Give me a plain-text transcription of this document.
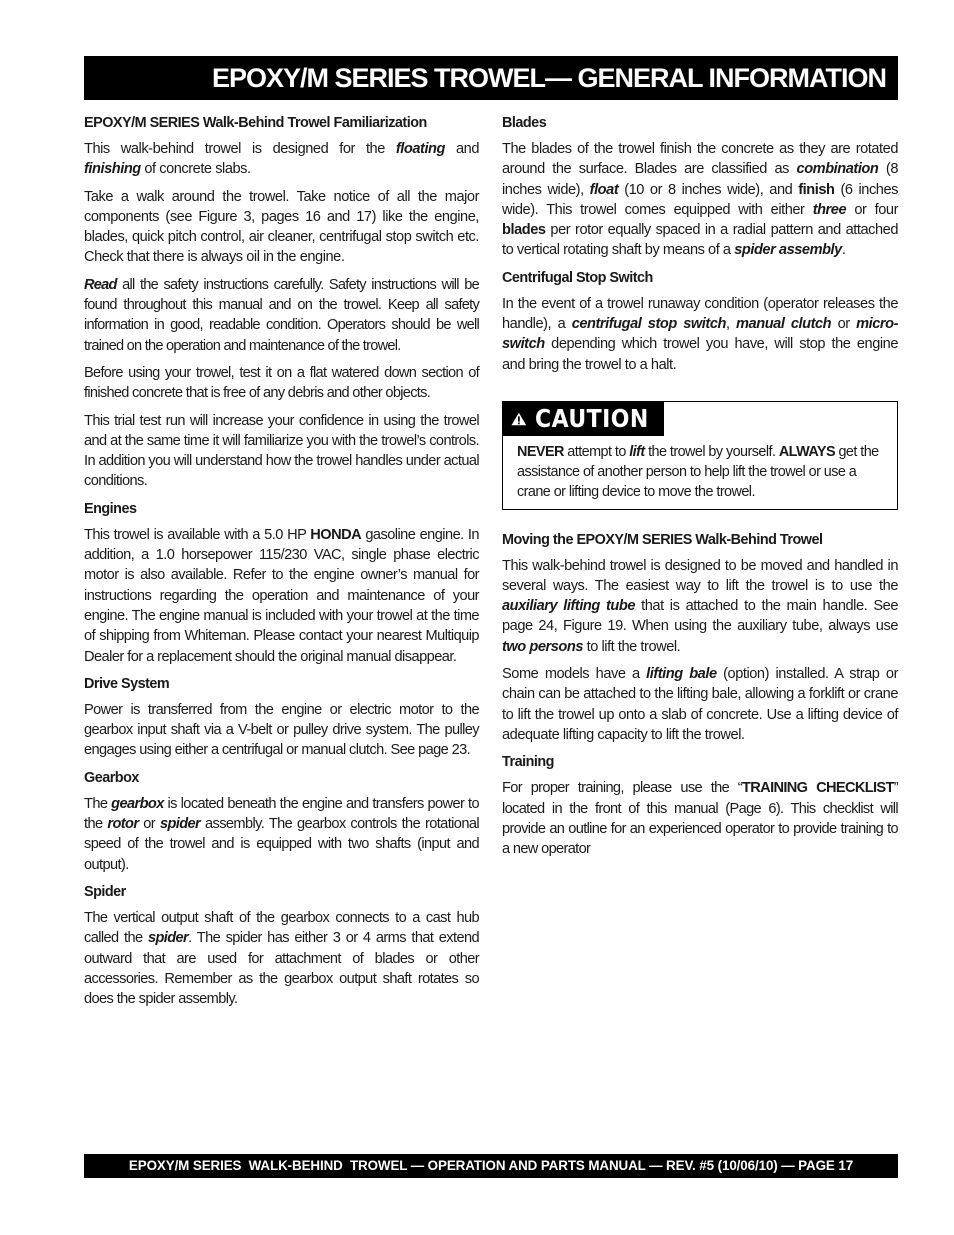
EPOXY/M SERIES TROWEL— GENERAL INFORMATION
EPOXY/M SERIES Walk-Behind Trowel Familiarization

This walk-behind trowel is designed for the floating and finishing of concrete slabs.

Take a walk around the trowel. Take notice of all the major components (see Figure 3, pages 16 and 17) like the engine, blades, quick pitch control, air cleaner, centrifugal stop switch etc. Check that there is always oil in the engine.

Read all the safety instructions carefully. Safety instructions will be found throughout this manual and on the trowel. Keep all safety information in good, readable condition. Operators should be well trained on the operation and maintenance of the trowel.

Before using your trowel, test it on a flat watered down section of finished concrete that is free of any debris and other objects.

This trial test run will increase your confidence in using the trowel and at the same time it will familiarize you with the trowel’s controls. In addition you will understand how the trowel handles under actual conditions.

Engines

This trowel is available with a 5.0 HP HONDA gasoline engine. In addition, a 1.0 horsepower 115/230 VAC, single phase electric motor is also available. Refer to the engine owner’s manual for instructions regarding the operation and maintenance of your engine. The engine manual is included with your trowel at the time of shipping from Whiteman. Please contact your nearest Multiquip Dealer for a replacement should the original manual disappear.

Drive System

Power is transferred from the engine or electric motor to the gearbox input shaft via a V-belt or pulley drive system. The pulley engages using either a centrifugal or manual clutch. See page 23.

Gearbox

The gearbox is located beneath the engine and transfers power to the rotor or spider assembly. The gearbox controls the rotational speed of the trowel and is equipped with two shafts (input and output).

Spider

The vertical output shaft of the gearbox connects to a cast hub called the spider. The spider has either 3 or 4 arms that extend outward that are used for attachment of blades or other accessories. Remember as the gearbox output shaft rotates so does the spider assembly.

Blades

The blades of the trowel finish the concrete as they are rotated around the surface. Blades are classified as combination (8 inches wide), float (10 or 8 inches wide), and finish (6 inches wide). This trowel comes equipped with either three or four blades per rotor equally spaced in a radial pattern and attached to vertical rotating shaft by means of a spider assembly.

Centrifugal Stop Switch

In the event of a trowel runaway condition (operator releases the handle), a centrifugal stop switch, manual clutch or micro-switch depending which trowel you have, will stop the engine and bring the trowel to a halt.

CAUTION

NEVER attempt to lift the trowel by yourself. ALWAYS get the assistance of another person to help lift the trowel or use a crane or lifting device to move the trowel.

Moving the EPOXY/M SERIES Walk-Behind Trowel

This walk-behind trowel is designed to be moved and handled in several ways. The easiest way to lift the trowel is to use the auxiliary lifting tube that is attached to the main handle. See page 24, Figure 19. When using the auxiliary tube, always use two persons to lift the trowel.

Some models have a lifting bale (option) installed. A strap or chain can be attached to the lifting bale, allowing a forklift or crane to lift the trowel up onto a slab of concrete. Use a lifting device of adequate lifting capacity to lift the trowel.

Training

For proper training, please use the “TRAINING CHECKLIST” located in the front of this manual (Page 6). This checklist will provide an outline for an experienced operator to provide training to a new operator

EPOXY/M SERIES  WALK-BEHIND  TROWEL — OPERATION AND PARTS MANUAL — REV. #5 (10/06/10) — PAGE 17
